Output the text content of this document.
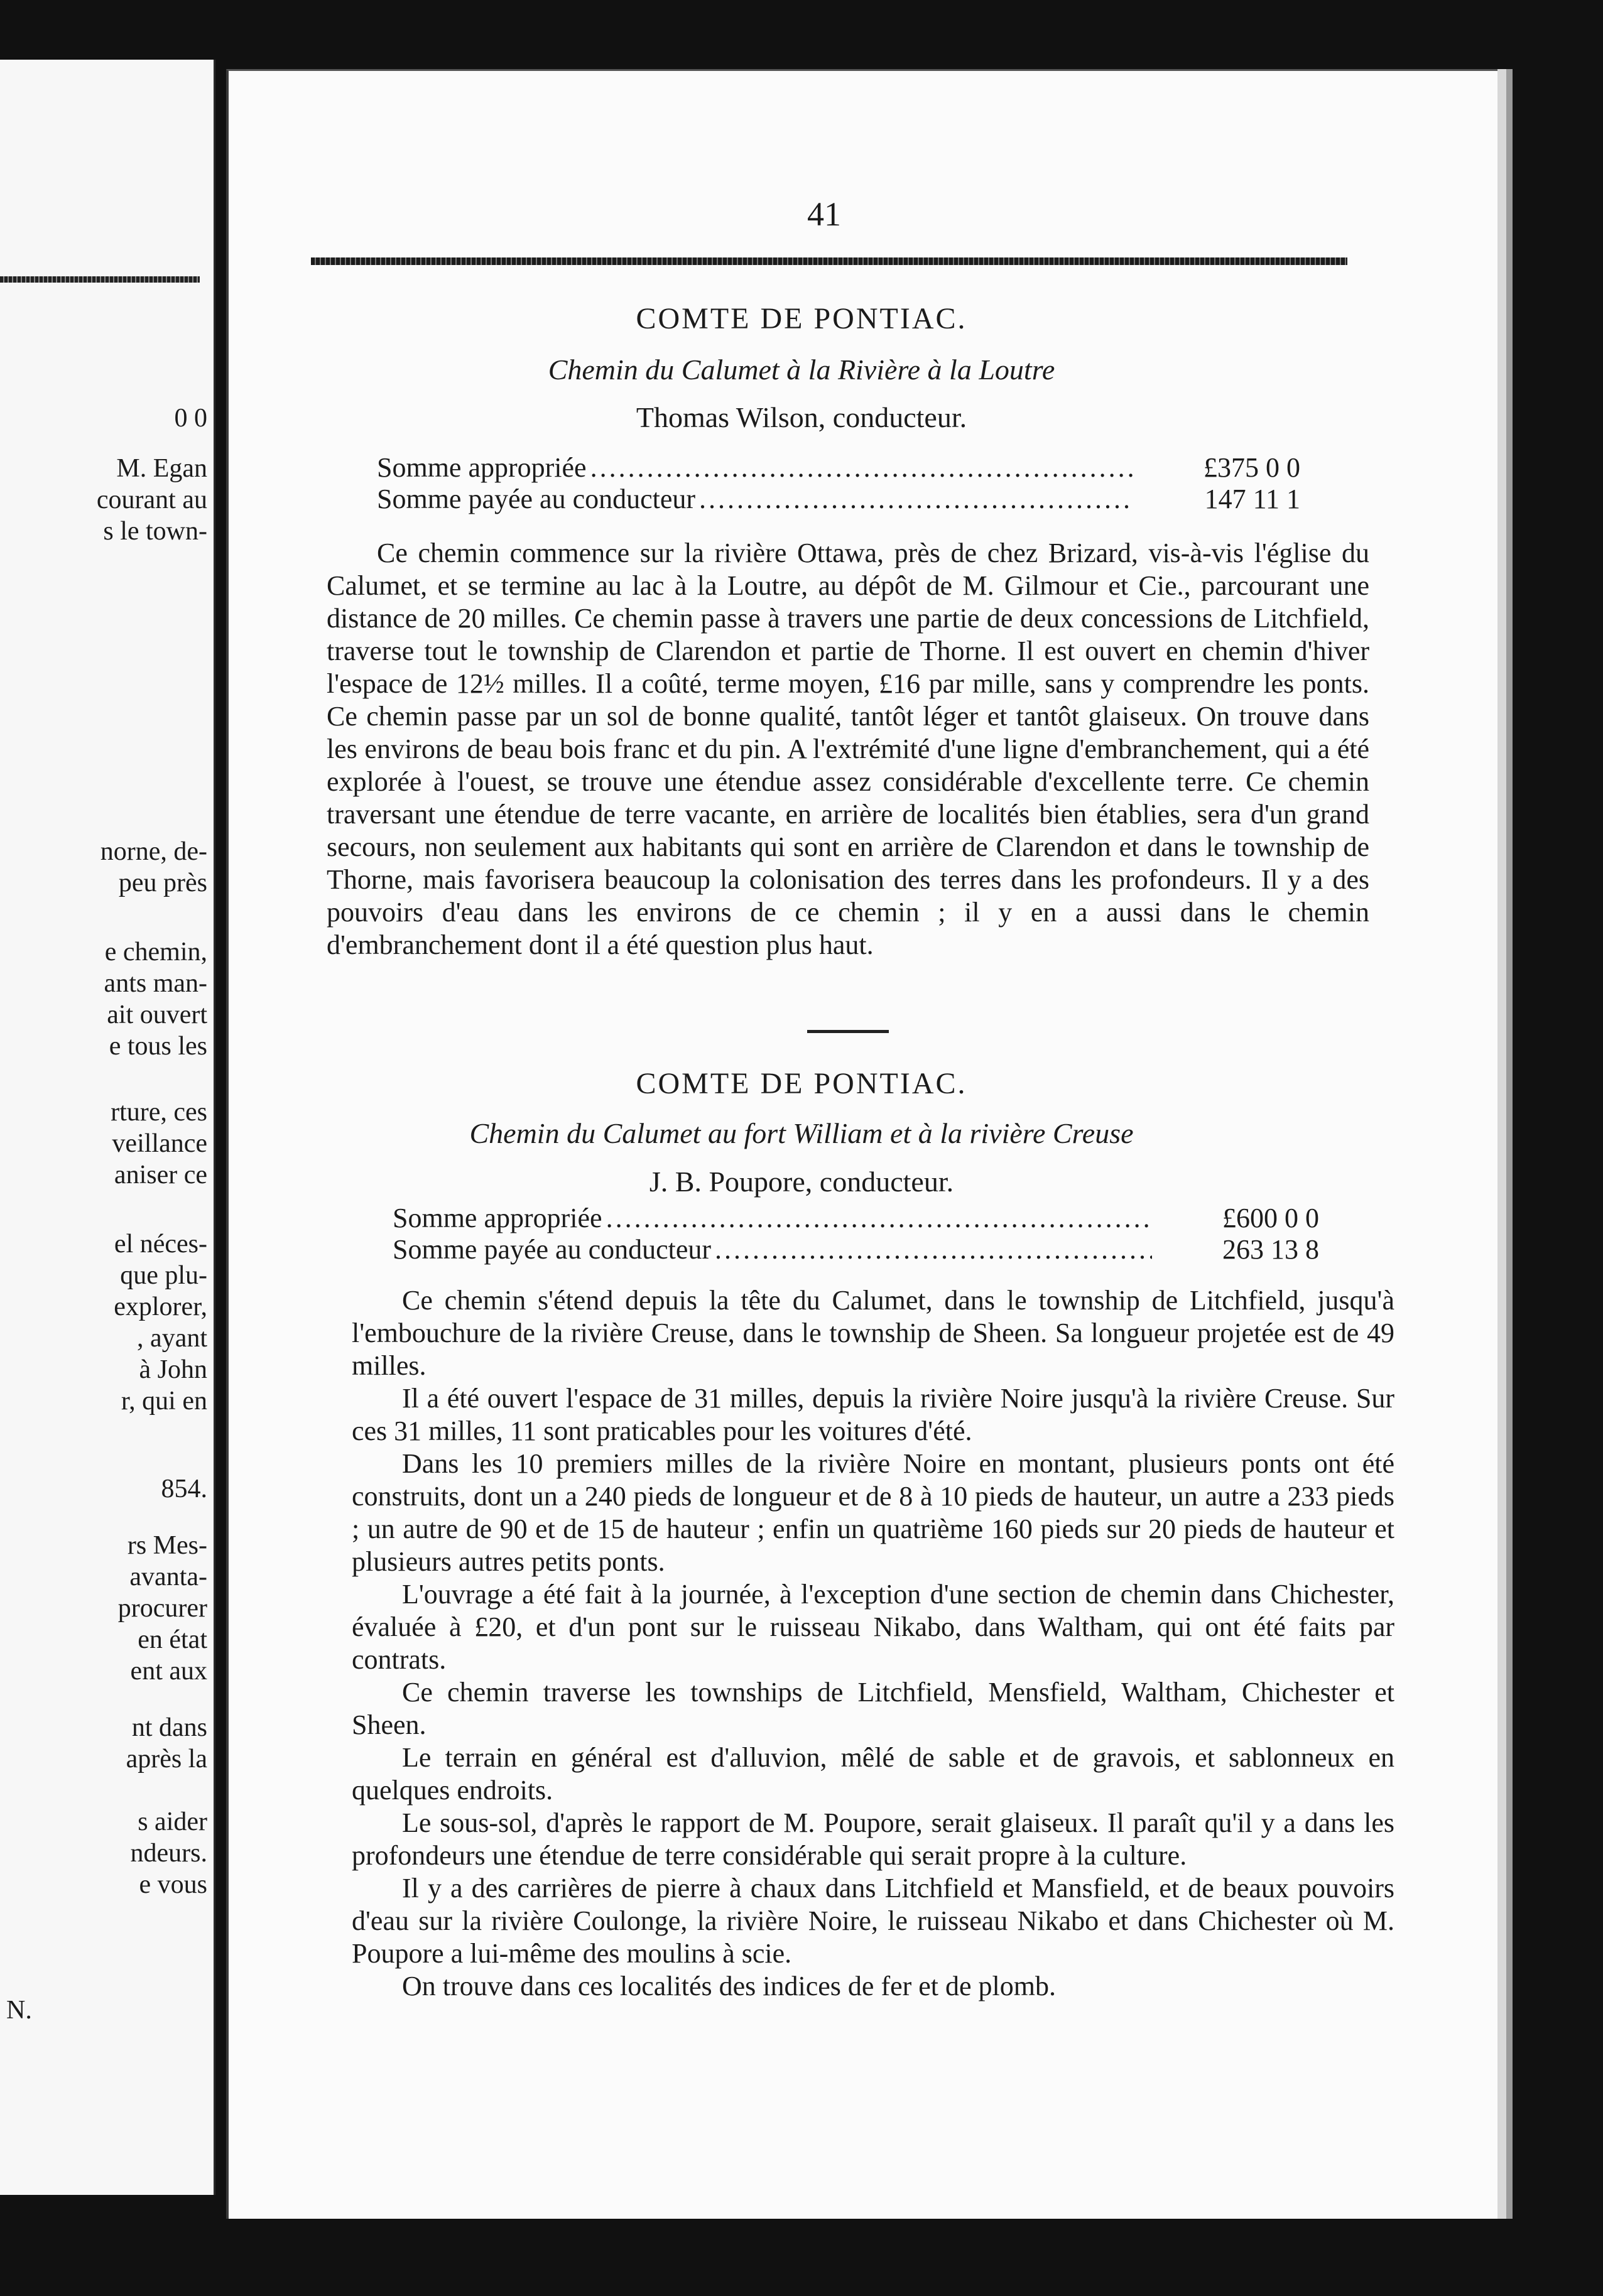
0 0
M. Egan
courant au
s le town-
norne, de-
peu près
e chemin,
ants man-
ait ouvert
e tous les
rture, ces
veillance
aniser ce
el néces-
que plu-
explorer,
, ayant
à John
r, qui en
854.
rs Mes-
avanta-
procurer
en état
ent aux
nt dans
après la
s aider
ndeurs.
e vous
N.
41
COMTE DE PONTIAC.
Chemin du Calumet à la Rivière à la Loutre
Thomas Wilson, conducteur.
Somme appropriée .....	£375 0 0
Somme payée au conducteur .....	147 11 1

Ce chemin commence sur la rivière Ottawa, près de chez Brizard, vis-à-vis l'église du Calumet, et se termine au lac à la Loutre, au dépôt de M. Gilmour et Cie., parcourant une distance de 20 milles. Ce chemin passe à travers une partie de deux concessions de Litchfield, traverse tout le township de Clarendon et partie de Thorne. Il est ouvert en chemin d'hiver l'espace de 12½ milles. Il a coûté, terme moyen, £16 par mille, sans y comprendre les ponts. Ce chemin passe par un sol de bonne qualité, tantôt léger et tantôt glaiseux. On trouve dans les environs de beau bois franc et du pin. A l'extrémité d'une ligne d'embranchement, qui a été explorée à l'ouest, se trouve une étendue assez considérable d'excellente terre. Ce chemin traversant une étendue de terre vacante, en arrière de localités bien établies, sera d'un grand secours, non seulement aux habitants qui sont en arrière de Clarendon et dans le township de Thorne, mais favorisera beaucoup la colonisation des terres dans les profondeurs. Il y a des pouvoirs d'eau dans les environs de ce chemin ; il y en a aussi dans le chemin d'embranchement dont il a été question plus haut.

COMTE DE PONTIAC.
Chemin du Calumet au fort William et à la rivière Creuse
J. B. Poupore, conducteur.
Somme appropriée .....	£600 0 0
Somme payée au conducteur .....	263 13 8

Ce chemin s'étend depuis la tête du Calumet, dans le township de Litchfield, jusqu'à l'embouchure de la rivière Creuse, dans le township de Sheen. Sa longueur projetée est de 49 milles.

Il a été ouvert l'espace de 31 milles, depuis la rivière Noire jusqu'à la rivière Creuse. Sur ces 31 milles, 11 sont praticables pour les voitures d'été.

Dans les 10 premiers milles de la rivière Noire en montant, plusieurs ponts ont été construits, dont un a 240 pieds de longueur et de 8 à 10 pieds de hauteur, un autre a 233 pieds ; un autre de 90 et de 15 de hauteur ; enfin un quatrième 160 pieds sur 20 pieds de hauteur et plusieurs autres petits ponts.

L'ouvrage a été fait à la journée, à l'exception d'une section de chemin dans Chichester, évaluée à £20, et d'un pont sur le ruisseau Nikabo, dans Waltham, qui ont été faits par contrats.

Ce chemin traverse les townships de Litchfield, Mensfield, Waltham, Chichester et Sheen.

Le terrain en général est d'alluvion, mêlé de sable et de gravois, et sablonneux en quelques endroits.

Le sous-sol, d'après le rapport de M. Poupore, serait glaiseux. Il paraît qu'il y a dans les profondeurs une étendue de terre considérable qui serait propre à la culture.

Il y a des carrières de pierre à chaux dans Litchfield et Mansfield, et de beaux pouvoirs d'eau sur la rivière Coulonge, la rivière Noire, le ruisseau Nikabo et dans Chichester où M. Poupore a lui-même des moulins à scie.

On trouve dans ces localités des indices de fer et de plomb.
